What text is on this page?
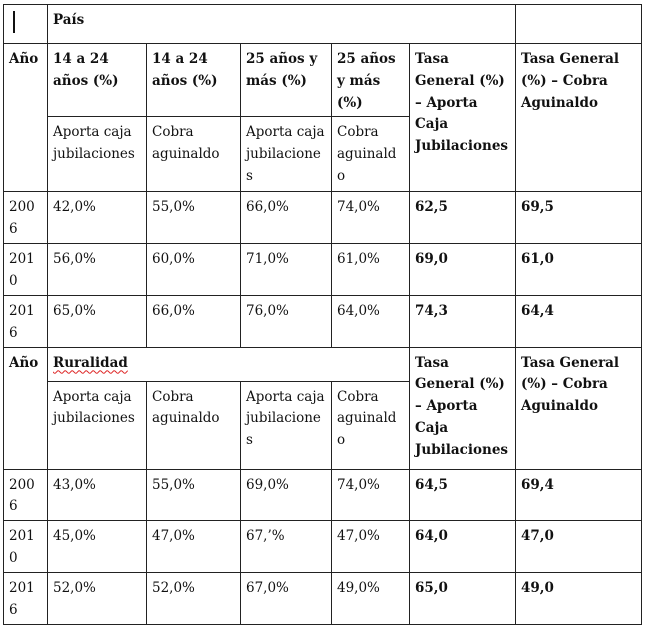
	País					
Año	14 a 24 años (%)	14 a 24 años (%)	25 años y más (%)	25 años y más (%)	Tasa General (%) – Aporta Caja Jubilaciones	Tasa General (%) – Cobra Aguinaldo
	Aporta caja jubilaciones	Cobra aguinaldo	Aporta caja jubilaciones	Cobra aguinaldo		
2006	42,0%	55,0%	66,0%	74,0%	62,5	69,5
2010	56,0%	60,0%	71,0%	61,0%	69,0	61,0
2016	65,0%	66,0%	76,0%	64,0%	74,3	64,4
Año	Ruralidad				Tasa General (%) – Aporta Caja Jubilaciones	Tasa General (%) – Cobra Aguinaldo
	Aporta caja jubilaciones	Cobra aguinaldo	Aporta caja jubilaciones	Cobra aguinaldo		
2006	43,0%	55,0%	69,0%	74,0%	64,5	69,4
2010	45,0%	47,0%	67,’%	47,0%	64,0	47,0
2016	52,0%	52,0%	67,0%	49,0%	65,0	49,0
